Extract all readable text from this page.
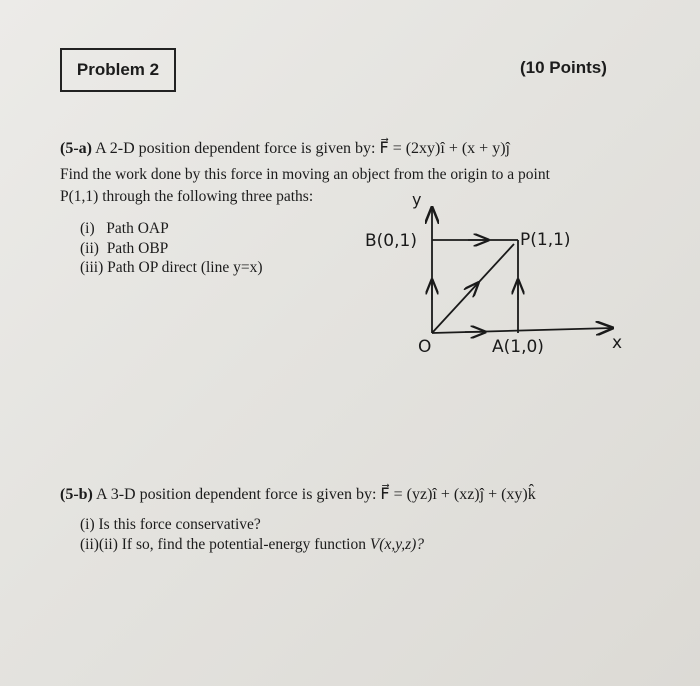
Problem 2	(10 Points)
(5-a) A 2-D position dependent force is given by: F⃗ = (2xy)î + (x + y)ĵ
Find the work done by this force in moving an object from the origin to a point
P(1,1) through the following three paths:
(i) Path OAP
(ii) Path OBP
(iii) Path OP direct (line y=x)
y
B(0,1)	P(1,1)
O	A(1,0)	x
(5-b) A 3-D position dependent force is given by: F⃗ = (yz)î + (xz)ĵ + (xy)k̂
(i) Is this force conservative?
(ii)(ii) If so, find the potential-energy function V(x,y,z)?
